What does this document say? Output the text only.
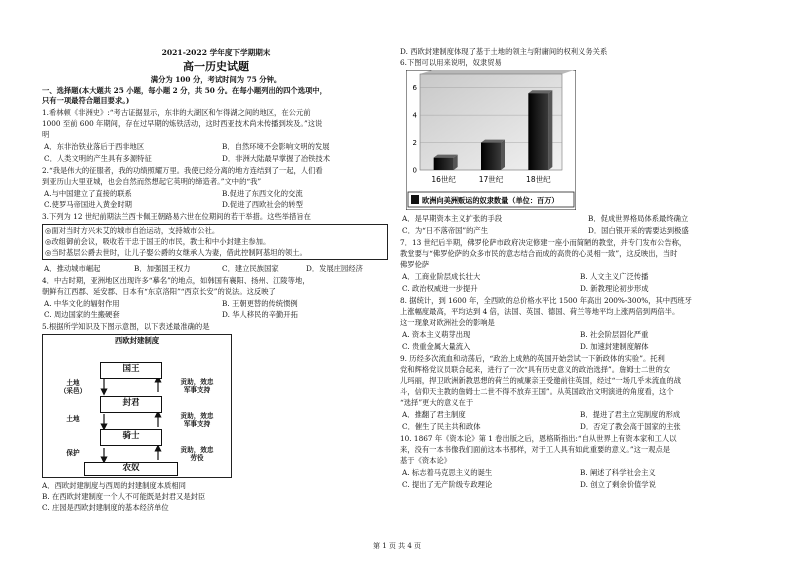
2021-2022 学年度下学期期末
高一历史试题
满分为 100 分，考试时间为 75 分钟。
一、选择题(本大题共 25 小题，每小题 2 分，共 50 分。在每小题列出的四个选项中，
只有一项最符合题目要求。)
1.希林顿《非洲史》:“考古证据显示，东非的大湖区和乍得湖之间的地区，在公元前
1000 至前 600 年期间，存在过早期的炼铁活动，这时西亚技术尚未传播到埃及。”这说
明
A．东非治铁业落后于西非地区	B．自然环境不会影响文明的发展
C．人类文明的产生具有多源特征	D．非洲大陆最早掌握了冶铁技术
2.“我是伟大的征服者，我的功绩照耀万里。我使已经分离的地方连结到了一起，人们看
到亚历山大里亚城，也会自然而然想起它英明的缔造者。”文中的“我”
A.与中国建立了直接的联系	B.促进了东西文化的交流
C.使罗马帝国进入黄金时期	D.促进了西欧社会的转型
3.下列为 12 世纪前期法兰西卡佩王朝路易六世在位期间的若干举措。这些举措旨在
◎面对当时方兴未艾的城市自治运动，支持城市公社。
◎改组御前会议，吸收若干忠于国王的市民，教士和中小封建主参加。
◎当时基层公爵去世时，让儿子娶公爵的女继承人为妻，借此控制阿基坦的领土。
A．推动城市崛起	B．加强国王权力	C．建立民族国家	D．发展庄园经济
4．中古时期，亚洲地区出现许多“摹名”的地点，如韩国有襄阳、扬州、江陵等地，
朝鲜有江西郡、延安郡、日本有“东京洛阳”“西京长安”的说法。这反映了
A. 中华文化的辐射作用	B. 王朝更替的传统惯例
C. 周边国家的生搬硬套	D. 华人移民的辛勤开拓
5.根据所学知识及下图示意图，以下表述最准确的是
西欧封建制度
国王
封君
骑士
农奴
土地
（采邑）
土地
保护
贡助，效忠
军事支持
贡助，效忠
军事支持
贡助，效忠
劳役
A．西欧封建制度与西周的封建制度本质相同
B. 在西欧封建制度一个人不可能既是封君又是封臣
C. 庄园是西欧封建制度的基本经济单位
D. 西欧封建制度体现了基于土地的领主与附庸间的权利义务关系
6.下图可以用来说明，奴隶贸易
0
2
4
6
16世纪	17世纪	18世纪
欧洲向美洲贩运的奴隶数量（单位：百万）
A．是早期资本主义扩张的手段	B．促成世界格局体系最终确立
C．为“日不落帝国”的产生	D．国白银开采的需要达到极盛
7．13 世纪后半期，佛罗伦萨市政府决定修建一座小而简陋的教堂，并专门发布公告称，
教堂要与“佛罗伦萨的众多市民的意志结合而成的高贵的心灵相一致”，这反映出，当时
佛罗伦萨
A．工商业阶层成长壮大	B. 人文主义广泛传播
C. 政治权威进一步提升	D. 新教理论初步形成
8. 据统计，到 1600 年，全西欧的总价格水平比 1500 年高出 200%-300%，其中西班牙
上涨幅度最高，平均达到 4 倍，法国、英国、德国、荷兰等地平均上涨两倍到两倍半。
这一现象对欧洲社会的影响是
A. 资本主义萌芽出现	B. 社会阶层固化严重
C. 贵重金属大量流入	D. 加速封建制度解体
9. 历经多次流血和动荡后，“政治上成熟的英国开始尝试一下新政体的实验”。托利
党和辉格党议员联合起来，进行了一次“具有历史意义的政治选择”。詹姆士二世的女
儿玛丽，捍卫欧洲新教思想的荷兰的威廉亲王受邀前往英国，经过“一场几乎未流血的战
斗，信仰天主教的詹姆士二世不得不放弃王国”。从英国政治文明演进的角度看，这个
“选择”更大的意义在于
A．推翻了君主制度	B．提进了君主立宪制度的形成
C．催生了民主共和政体	D．否定了教会高于国家的主张
10. 1867 年《资本论》第 1 卷出版之后，恩格斯指出:“自从世界上有资本家和工人以
来，没有一本书像我们面前这本书那样，对于工人具有如此重要的意义。”这一观点是
基于《资本论》
A. 标志着马克思主义的诞生	B. 阐述了科学社会主义
C. 提出了无产阶级专政理论	D. 创立了剩余价值学说
第 1 页 共 4 页
